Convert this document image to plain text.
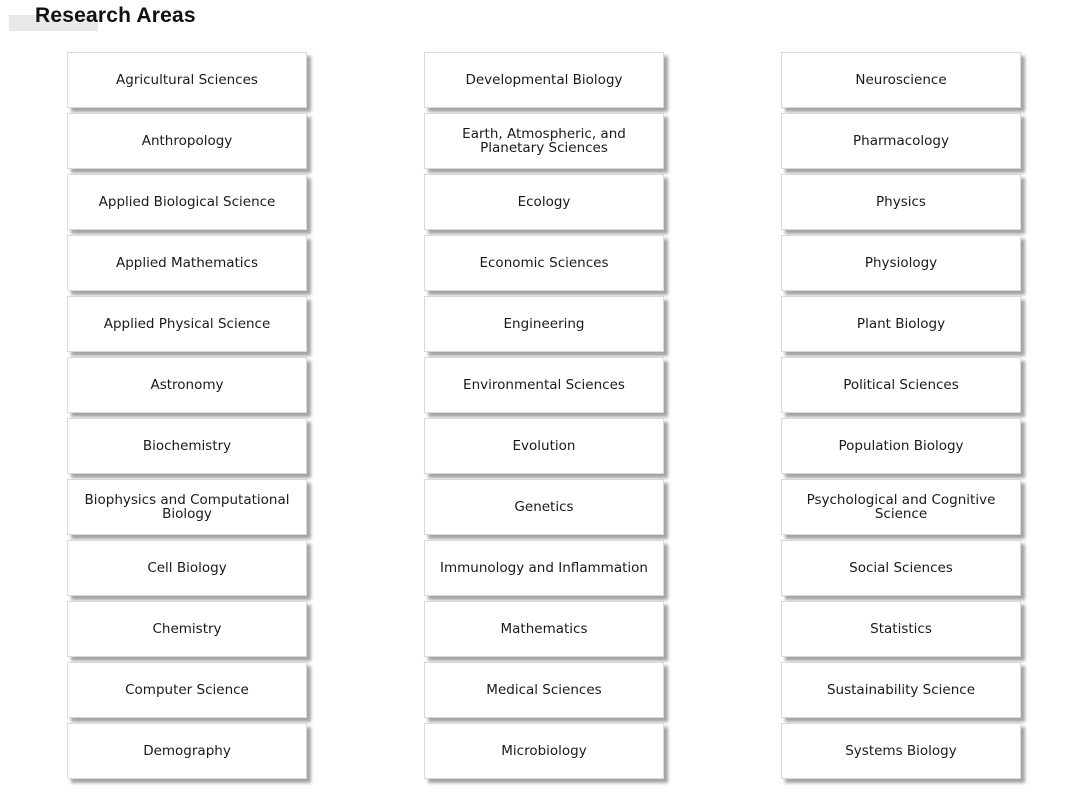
Research Areas
Agricultural Sciences
Anthropology
Applied Biological Science
Applied Mathematics
Applied Physical Science
Astronomy
Biochemistry
Biophysics and Computational Biology
Cell Biology
Chemistry
Computer Science
Demography
Developmental Biology
Earth, Atmospheric, and Planetary Sciences
Ecology
Economic Sciences
Engineering
Environmental Sciences
Evolution
Genetics
Immunology and Inflammation
Mathematics
Medical Sciences
Microbiology
Neuroscience
Pharmacology
Physics
Physiology
Plant Biology
Political Sciences
Population Biology
Psychological and Cognitive Science
Social Sciences
Statistics
Sustainability Science
Systems Biology
